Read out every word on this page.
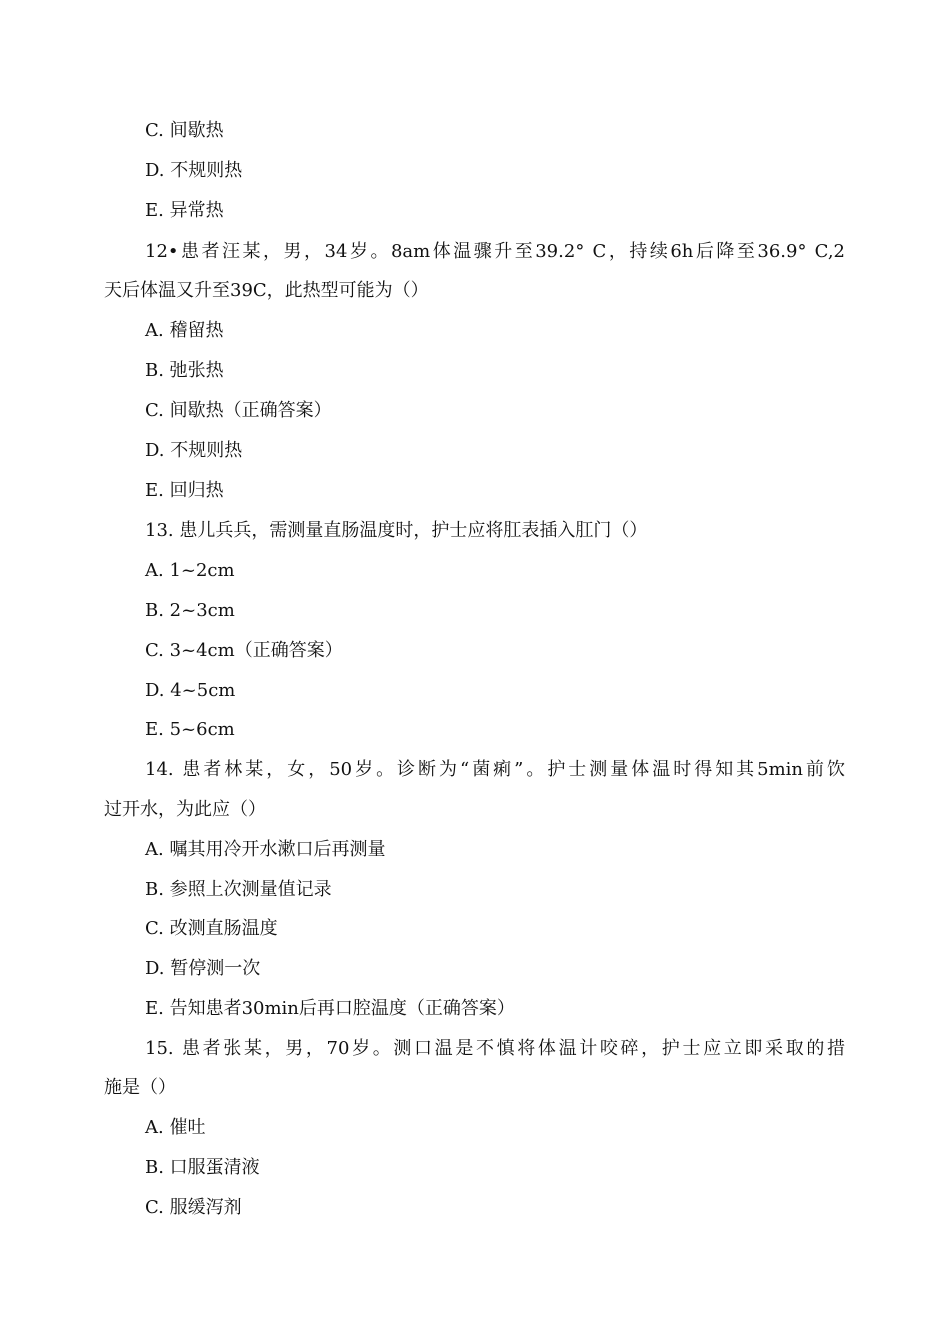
C. 间歇热
D. 不规则热
E. 异常热
12•患者汪某，男，34岁。8am体温骤升至39.2° C，持续6h后降至36.9° C,2
天后体温又升至39C，此热型可能为（）
A. 稽留热
B. 弛张热
C. 间歇热（正确答案）
D. 不规则热
E. 回归热
13. 患儿兵兵，需测量直肠温度时，护士应将肛表插入肛门（）
A. 1~2cm
B. 2~3cm
C. 3~4cm（正确答案）
D. 4~5cm
E. 5~6cm
14. 患者林某，女，50岁。诊断为“菌痢”。护士测量体温时得知其5min前饮
过开水，为此应（）
A. 嘱其用冷开水漱口后再测量
B. 参照上次测量值记录
C. 改测直肠温度
D. 暂停测一次
E. 告知患者30min后再口腔温度（正确答案）
15. 患者张某，男，70岁。测口温是不慎将体温计咬碎，护士应立即采取的措
施是（）
A. 催吐
B. 口服蛋清液
C. 服缓泻剂
